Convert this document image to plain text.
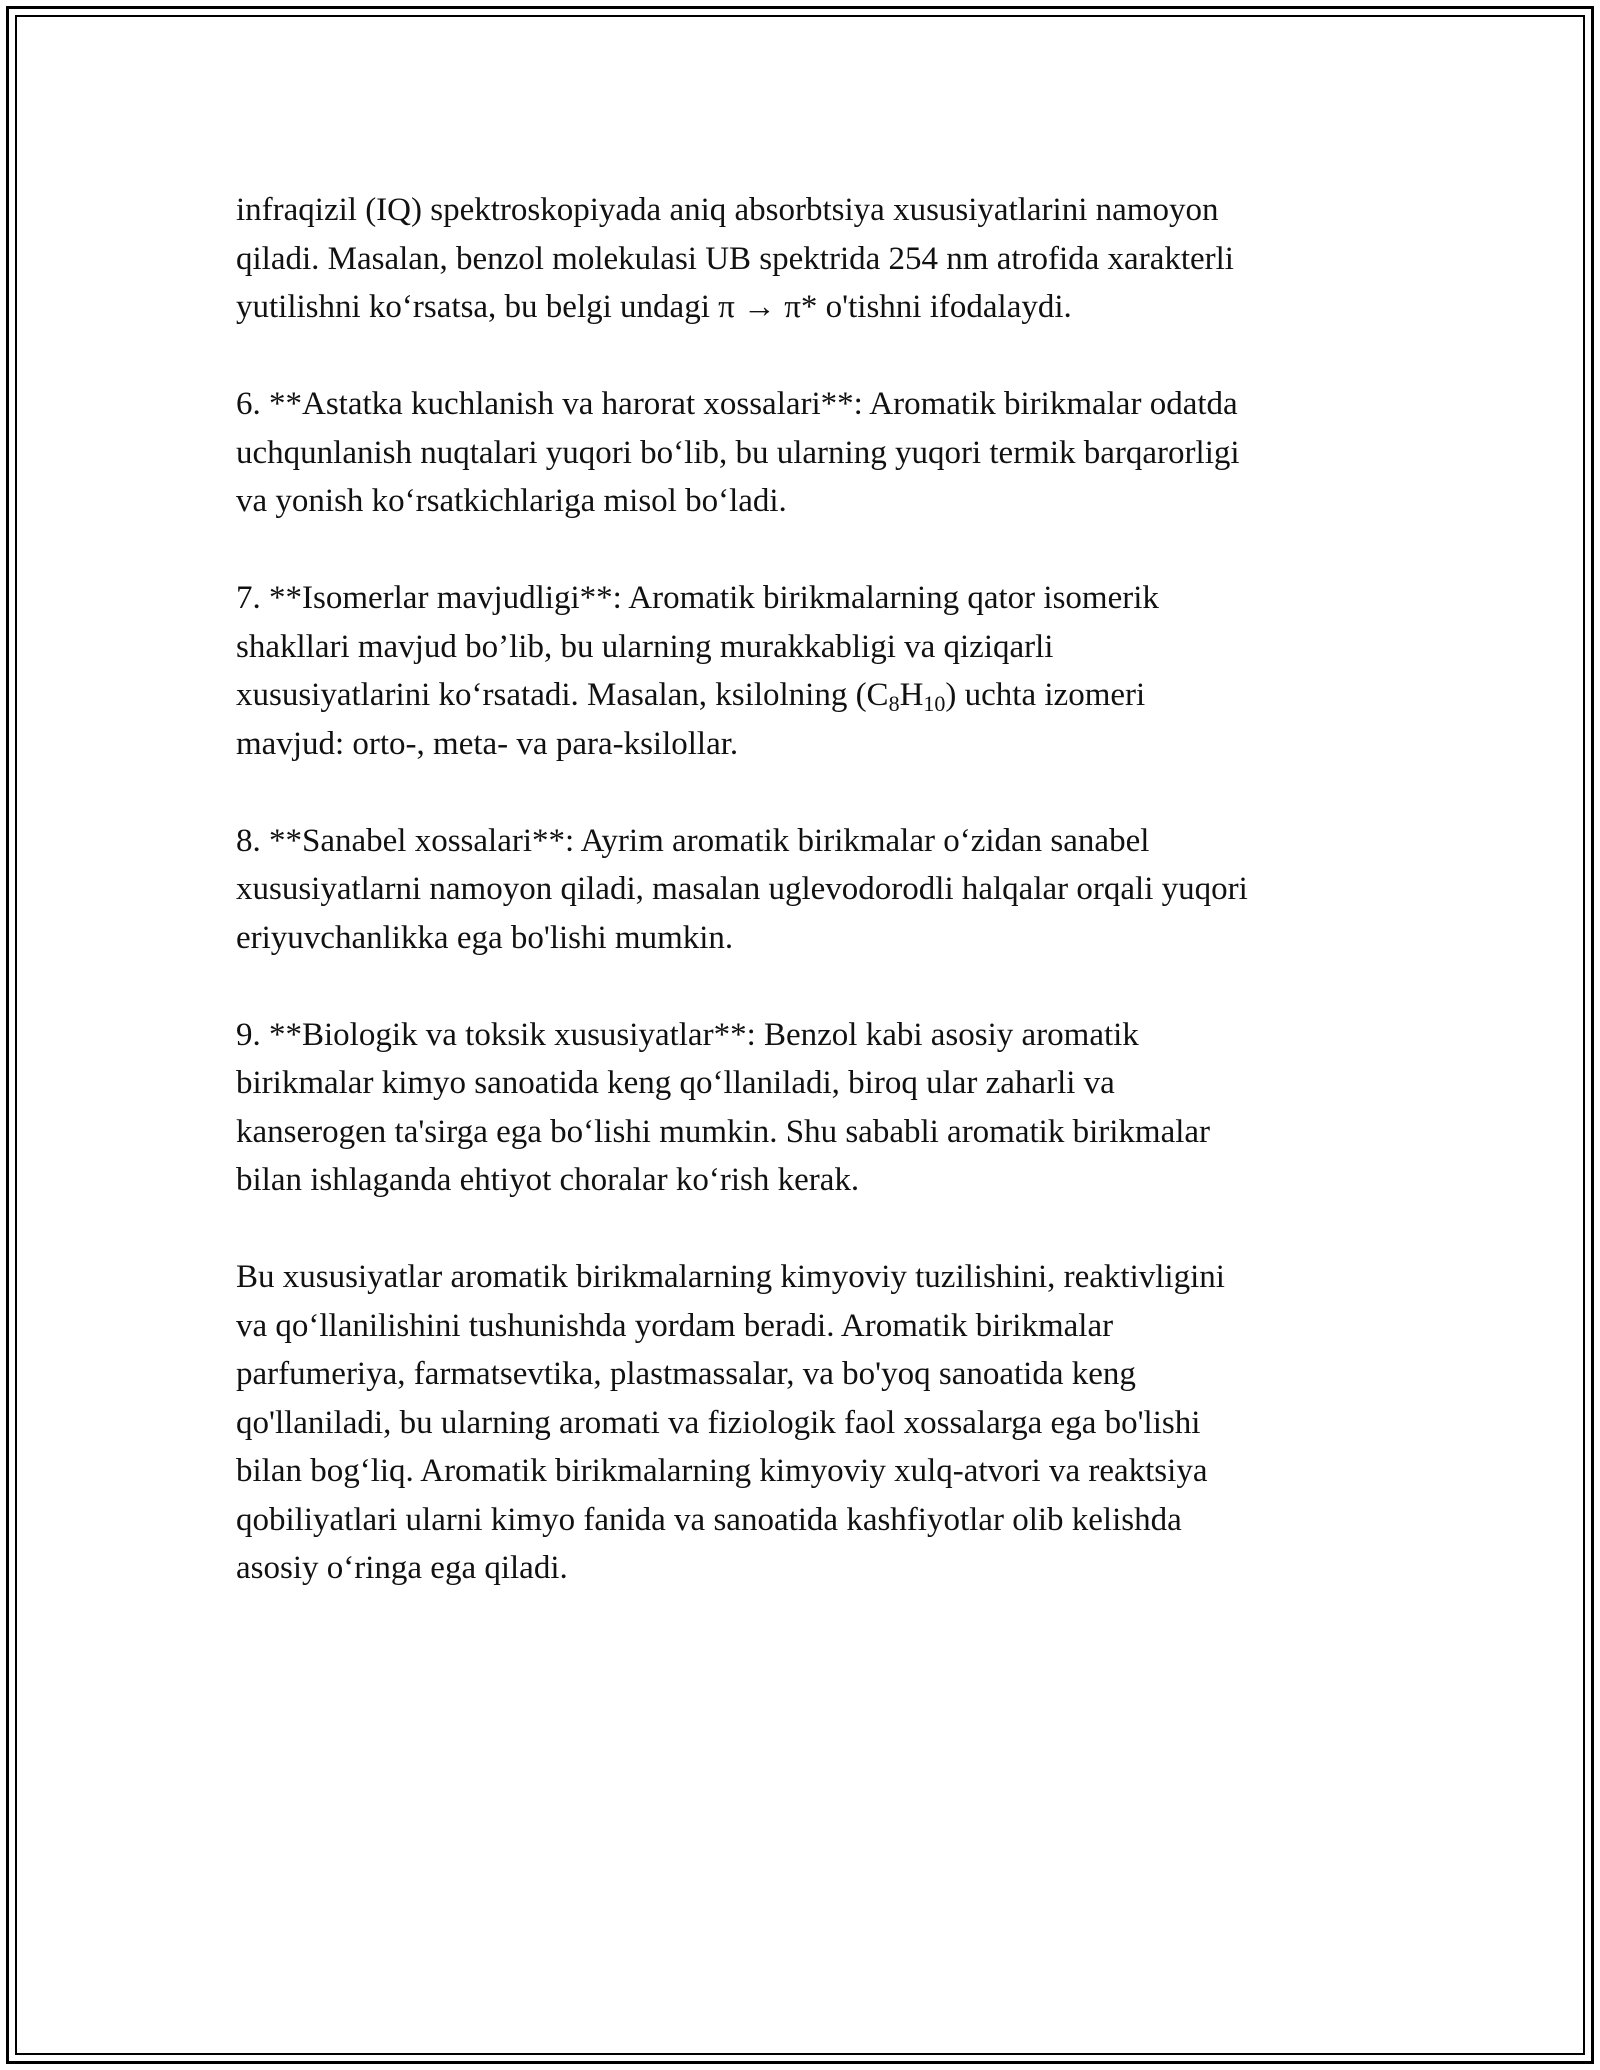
infraqizil (IQ) spektroskopiyada aniq absorbtsiya xususiyatlarini namoyon
qiladi. Masalan, benzol molekulasi UB spektrida 254 nm atrofida xarakterli
yutilishni ko‘rsatsa, bu belgi undagi π → π* o'tishni ifodalaydi.

6. **Astatka kuchlanish va harorat xossalari**: Aromatik birikmalar odatda
uchqunlanish nuqtalari yuqori bo‘lib, bu ularning yuqori termik barqarorligi
va yonish ko‘rsatkichlariga misol bo‘ladi.

7. **Isomerlar mavjudligi**: Aromatik birikmalarning qator isomerik
shakllari mavjud bo’lib, bu ularning murakkabligi va qiziqarli
xususiyatlarini ko‘rsatadi. Masalan, ksilolning $(C_8H_{10})$ uchta izomeri
mavjud: orto-, meta- va para-ksilollar.

8. **Sanabel xossalari**: Ayrim aromatik birikmalar o‘zidan sanabel
xususiyatlarni namoyon qiladi, masalan uglevodorodli halqalar orqali yuqori
eriyuvchanlikka ega bo'lishi mumkin.

9. **Biologik va toksik xususiyatlar**: Benzol kabi asosiy aromatik
birikmalar kimyo sanoatida keng qo‘llaniladi, biroq ular zaharli va
kanserogen ta'sirga ega bo‘lishi mumkin. Shu sababli aromatik birikmalar
bilan ishlaganda ehtiyot choralar ko‘rish kerak.

Bu xususiyatlar aromatik birikmalarning kimyoviy tuzilishini, reaktivligini
va qo‘llanilishini tushunishda yordam beradi. Aromatik birikmalar
parfumeriya, farmatsevtika, plastmassalar, va bo'yoq sanoatida keng
qo'llaniladi, bu ularning aromati va fiziologik faol xossalarga ega bo'lishi
bilan bog‘liq. Aromatik birikmalarning kimyoviy xulq-atvori va reaktsiya
qobiliyatlari ularni kimyo fanida va sanoatida kashfiyotlar olib kelishda
asosiy o‘ringa ega qiladi.
